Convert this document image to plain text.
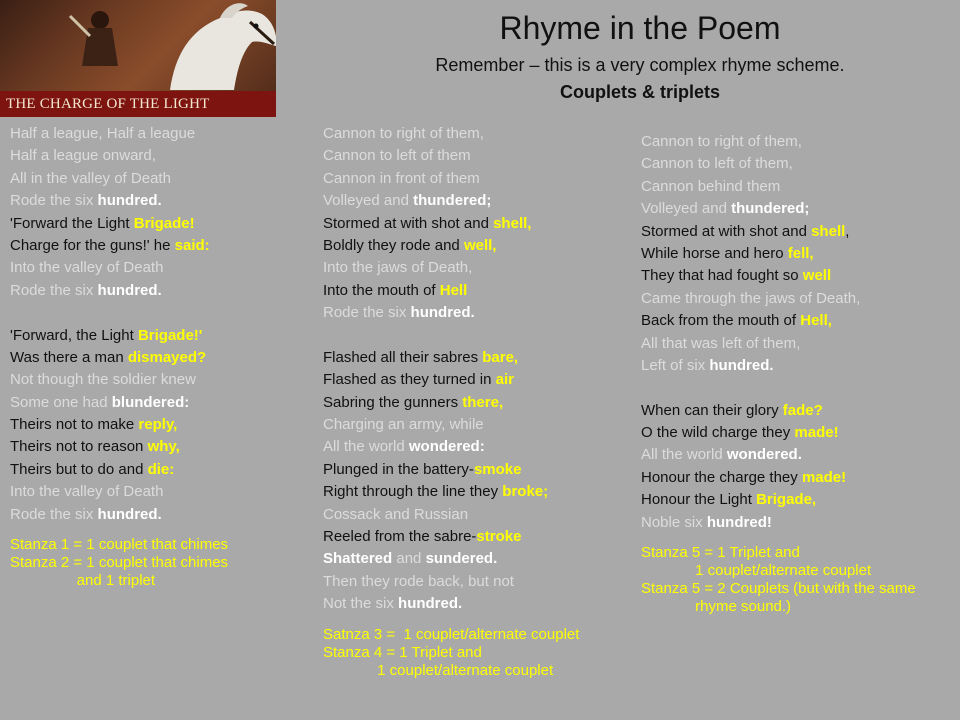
THE CHARGE OF THE LIGHT
Rhyme in the Poem
Remember – this is a very complex rhyme scheme.
Couplets & triplets
Half a league, Half a league
Half a league onward,
All in the valley of Death
Rode the six hundred.
'Forward the Light Brigade!
Charge for the guns!' he said:
Into the valley of Death
Rode the six hundred.
'Forward, the Light Brigade!'
Was there a man dismayed?
Not though the soldier knew
Some one had blundered:
Theirs not to make reply,
Theirs not to reason why,
Theirs but to do and die:
Into the valley of Death
Rode the six hundred.
Stanza 1 = 1 couplet that chimes
Stanza 2 = 1 couplet that chimes
and 1 triplet
Cannon to right of them,
Cannon to left of them
Cannon in front of them
Volleyed and thundered;
Stormed at with shot and shell,
Boldly they rode and well,
Into the jaws of Death,
Into the mouth of Hell
Rode the six hundred.
Flashed all their sabres bare,
Flashed as they turned in air
Sabring the gunners there,
Charging an army, while
All the world wondered:
Plunged in the battery-smoke
Right through the line they broke;
Cossack and Russian
Reeled from the sabre-stroke
Shattered and sundered.
Then they rode back, but not
Not the six hundred.
Satnza 3 =  1 couplet/alternate couplet
Stanza 4 = 1 Triplet and
1 couplet/alternate couplet
Cannon to right of them,
Cannon to left of them,
Cannon behind them
Volleyed and thundered;
Stormed at with shot and shell,
While horse and hero fell,
They that had fought so well
Came through the jaws of Death,
Back from the mouth of Hell,
All that was left of them,
Left of six hundred.
When can their glory fade?
O the wild charge they made!
All the world wondered.
Honour the charge they made!
Honour the Light Brigade,
Noble six hundred!
Stanza 5 = 1 Triplet and
1 couplet/alternate couplet
Stanza 5 = 2 Couplets (but with the same
rhyme sound.)
